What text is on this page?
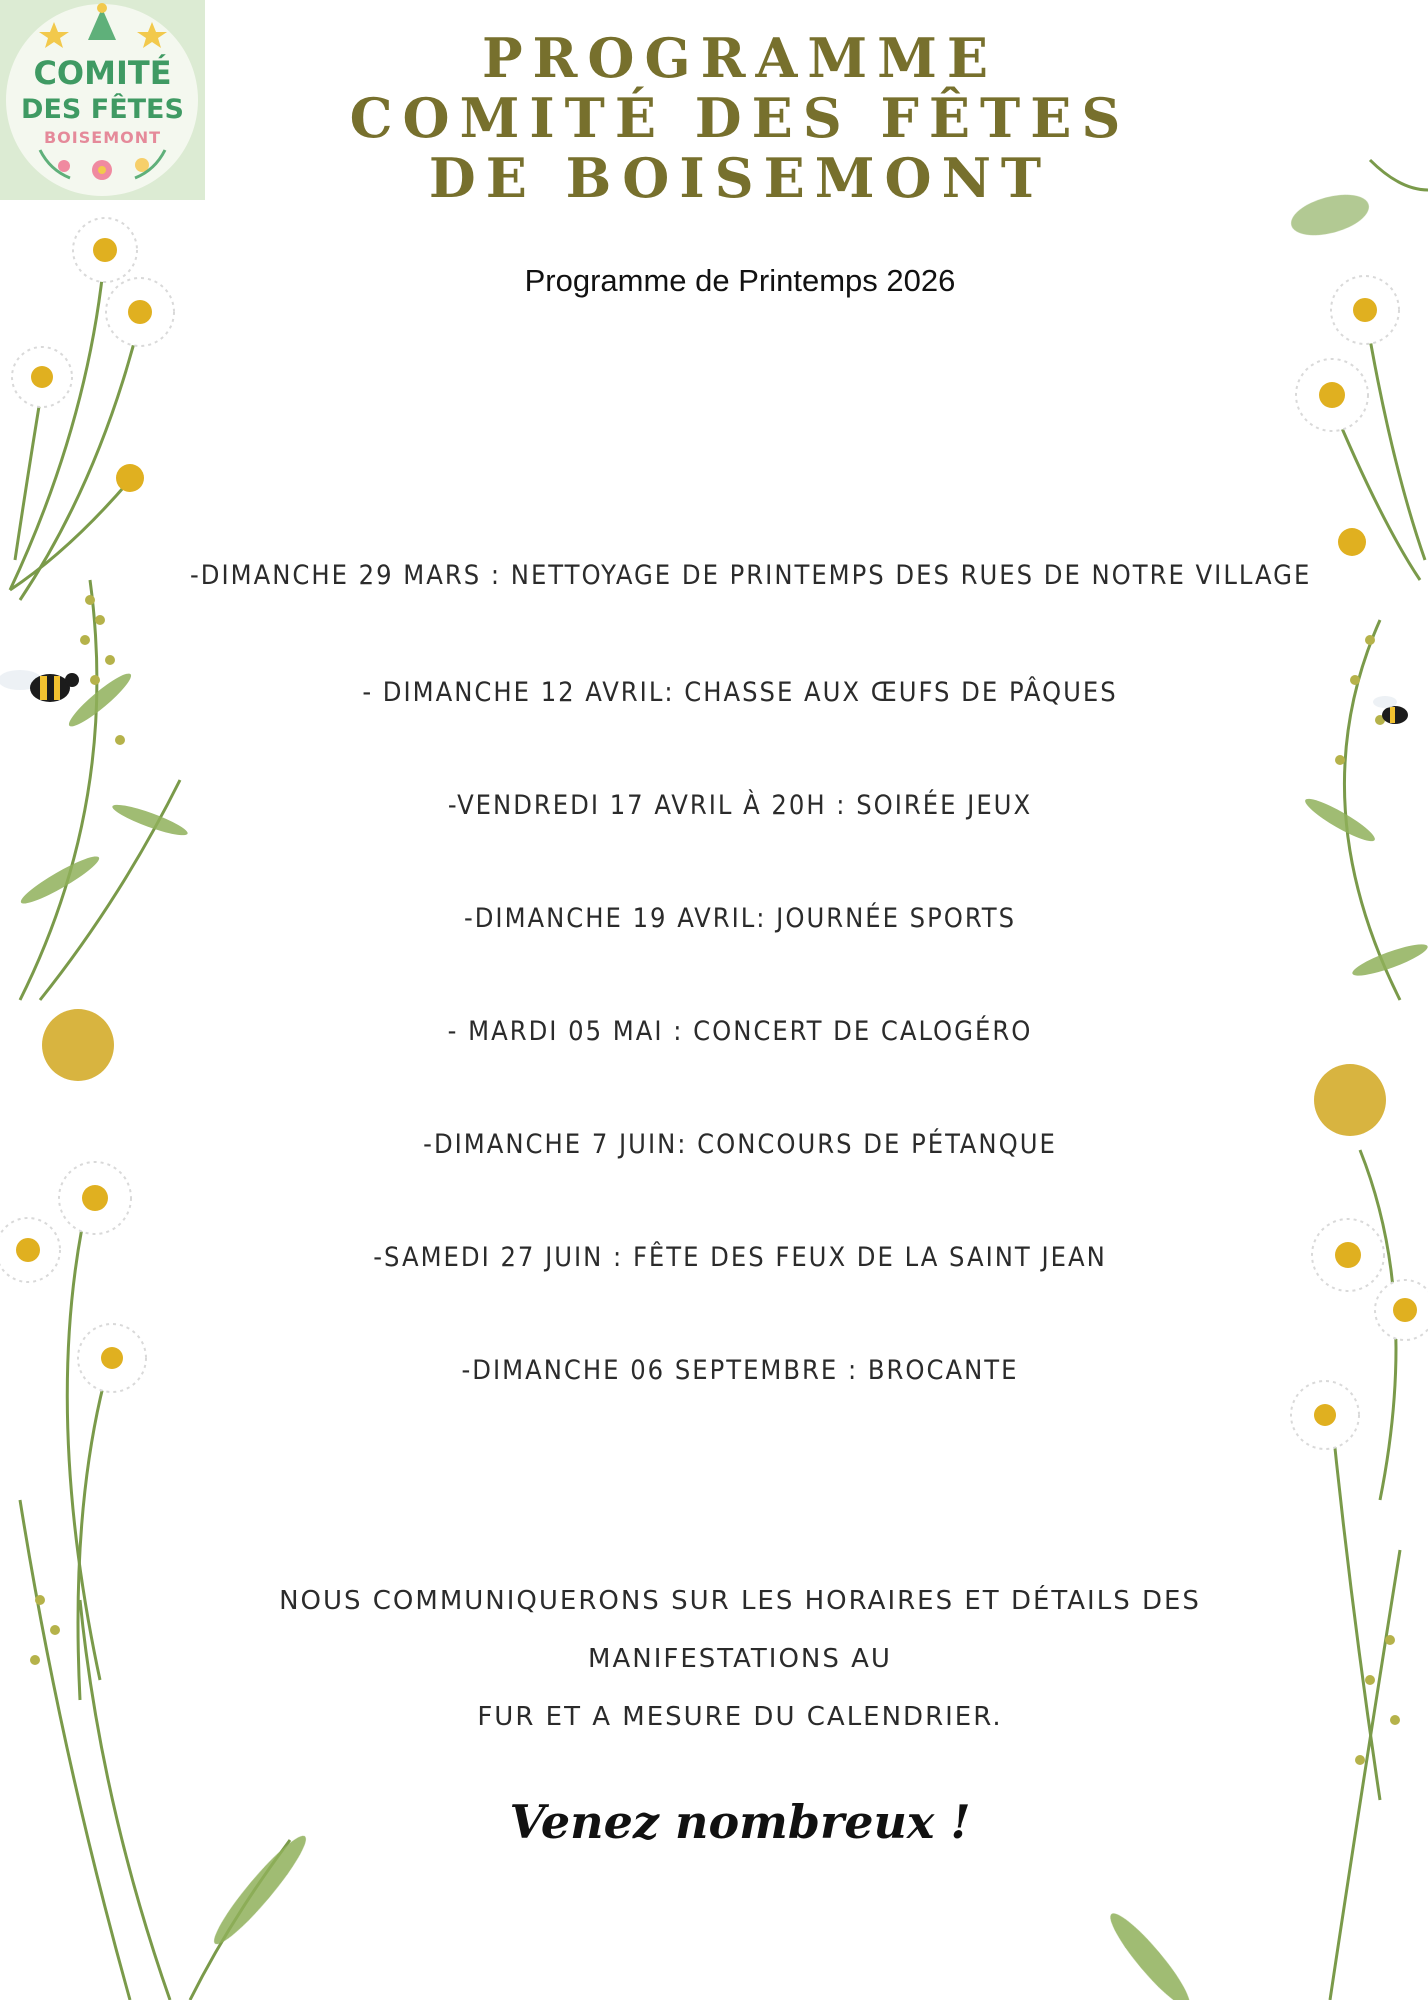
COMITÉ
DES FÊTES
BOISEMONT
PROGRAMME
COMITÉ DES FÊTES
DE BOISEMONT
Programme de Printemps 2026
-DIMANCHE 29 MARS : NETTOYAGE DE PRINTEMPS DES RUES DE NOTRE VILLAGE
- DIMANCHE 12 AVRIL: CHASSE AUX ŒUFS DE PÂQUES
-VENDREDI 17 AVRIL À 20H : SOIRÉE JEUX
-DIMANCHE 19 AVRIL: JOURNÉE SPORTS
- MARDI 05 MAI : CONCERT DE CALOGÉRO
-DIMANCHE 7 JUIN: CONCOURS DE PÉTANQUE
-SAMEDI 27 JUIN : FÊTE DES FEUX DE LA SAINT JEAN
-DIMANCHE 06 SEPTEMBRE : BROCANTE
NOUS COMMUNIQUERONS SUR LES HORAIRES ET DÉTAILS DES MANIFESTATIONS AU
FUR ET A MESURE DU CALENDRIER.
Venez nombreux !
